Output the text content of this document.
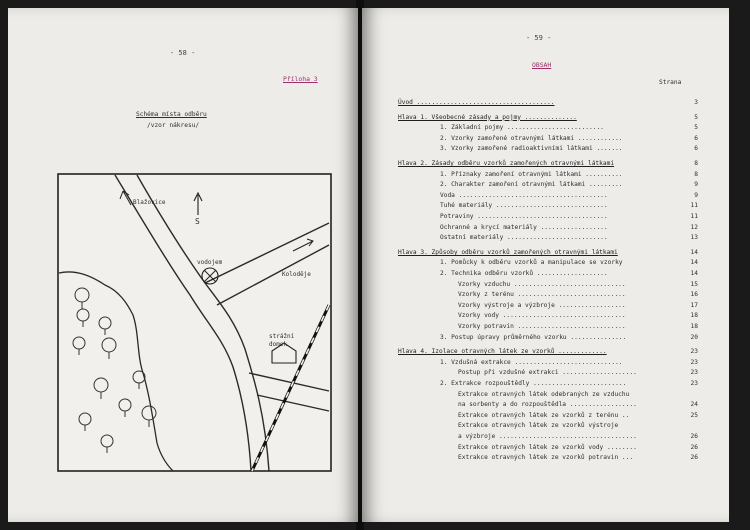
- 58 -
Příloha 3
Schéma místa odběru
/vzor nákresu/
Blažovice
S
vodojem
Koloděje
strážní
domek
- 59 -
OBSAH
Strana
Úvod .....................................	3
Hlava 1. Všeobecné zásady a pojmy ..............	5
1. Základní pojmy ..........................	5
2. Vzorky zamořené otravnými látkami ............	6
3. Vzorky zamořené radioaktivními látkami .......	6
Hlava 2. Zásady odběru vzorků zamořených otravnými látkami	8
1. Příznaky zamoření otravnými látkami ..........	8
2. Charakter zamoření otravnými látkami .........	9
Voda ........................................	9
Tuhé materiály ..............................	11
Potraviny ...................................	11
Ochranné a krycí materiály ..................	12
Ostatní materiály ...........................	13
Hlava 3. Způsoby odběru vzorků zamořených otravnými látkami	14
1. Pomůcky k odběru vzorků a manipulace se vzorky	14
2. Technika odběru vzorků ...................	14
Vzorky vzduchu ..............................	15
Vzorky z terénu .............................	16
Vzorky výstroje a výzbroje ..................	17
Vzorky vody .................................	18
Vzorky potravin .............................	18
3. Postup úpravy průměrného vzorku ...............	20
Hlava 4. Izolace otravných látek ze vzorků .............	23
1. Vzdušná extrakce .............................	23
Postup při vzdušné extrakci ....................	23
2. Extrakce rozpouštědly .........................	23
Extrakce otravných látek odebraných ze vzduchu
na sorbenty a do rozpouštědla ..................	24
Extrakce otravných látek ze vzorků z terénu ..	25
Extrakce otravných látek ze vzorků výstroje
a výzbroje .....................................	26
Extrakce otravných látek ze vzorků vody ........	26
Extrakce otravných látek ze vzorků potravin ...	26
